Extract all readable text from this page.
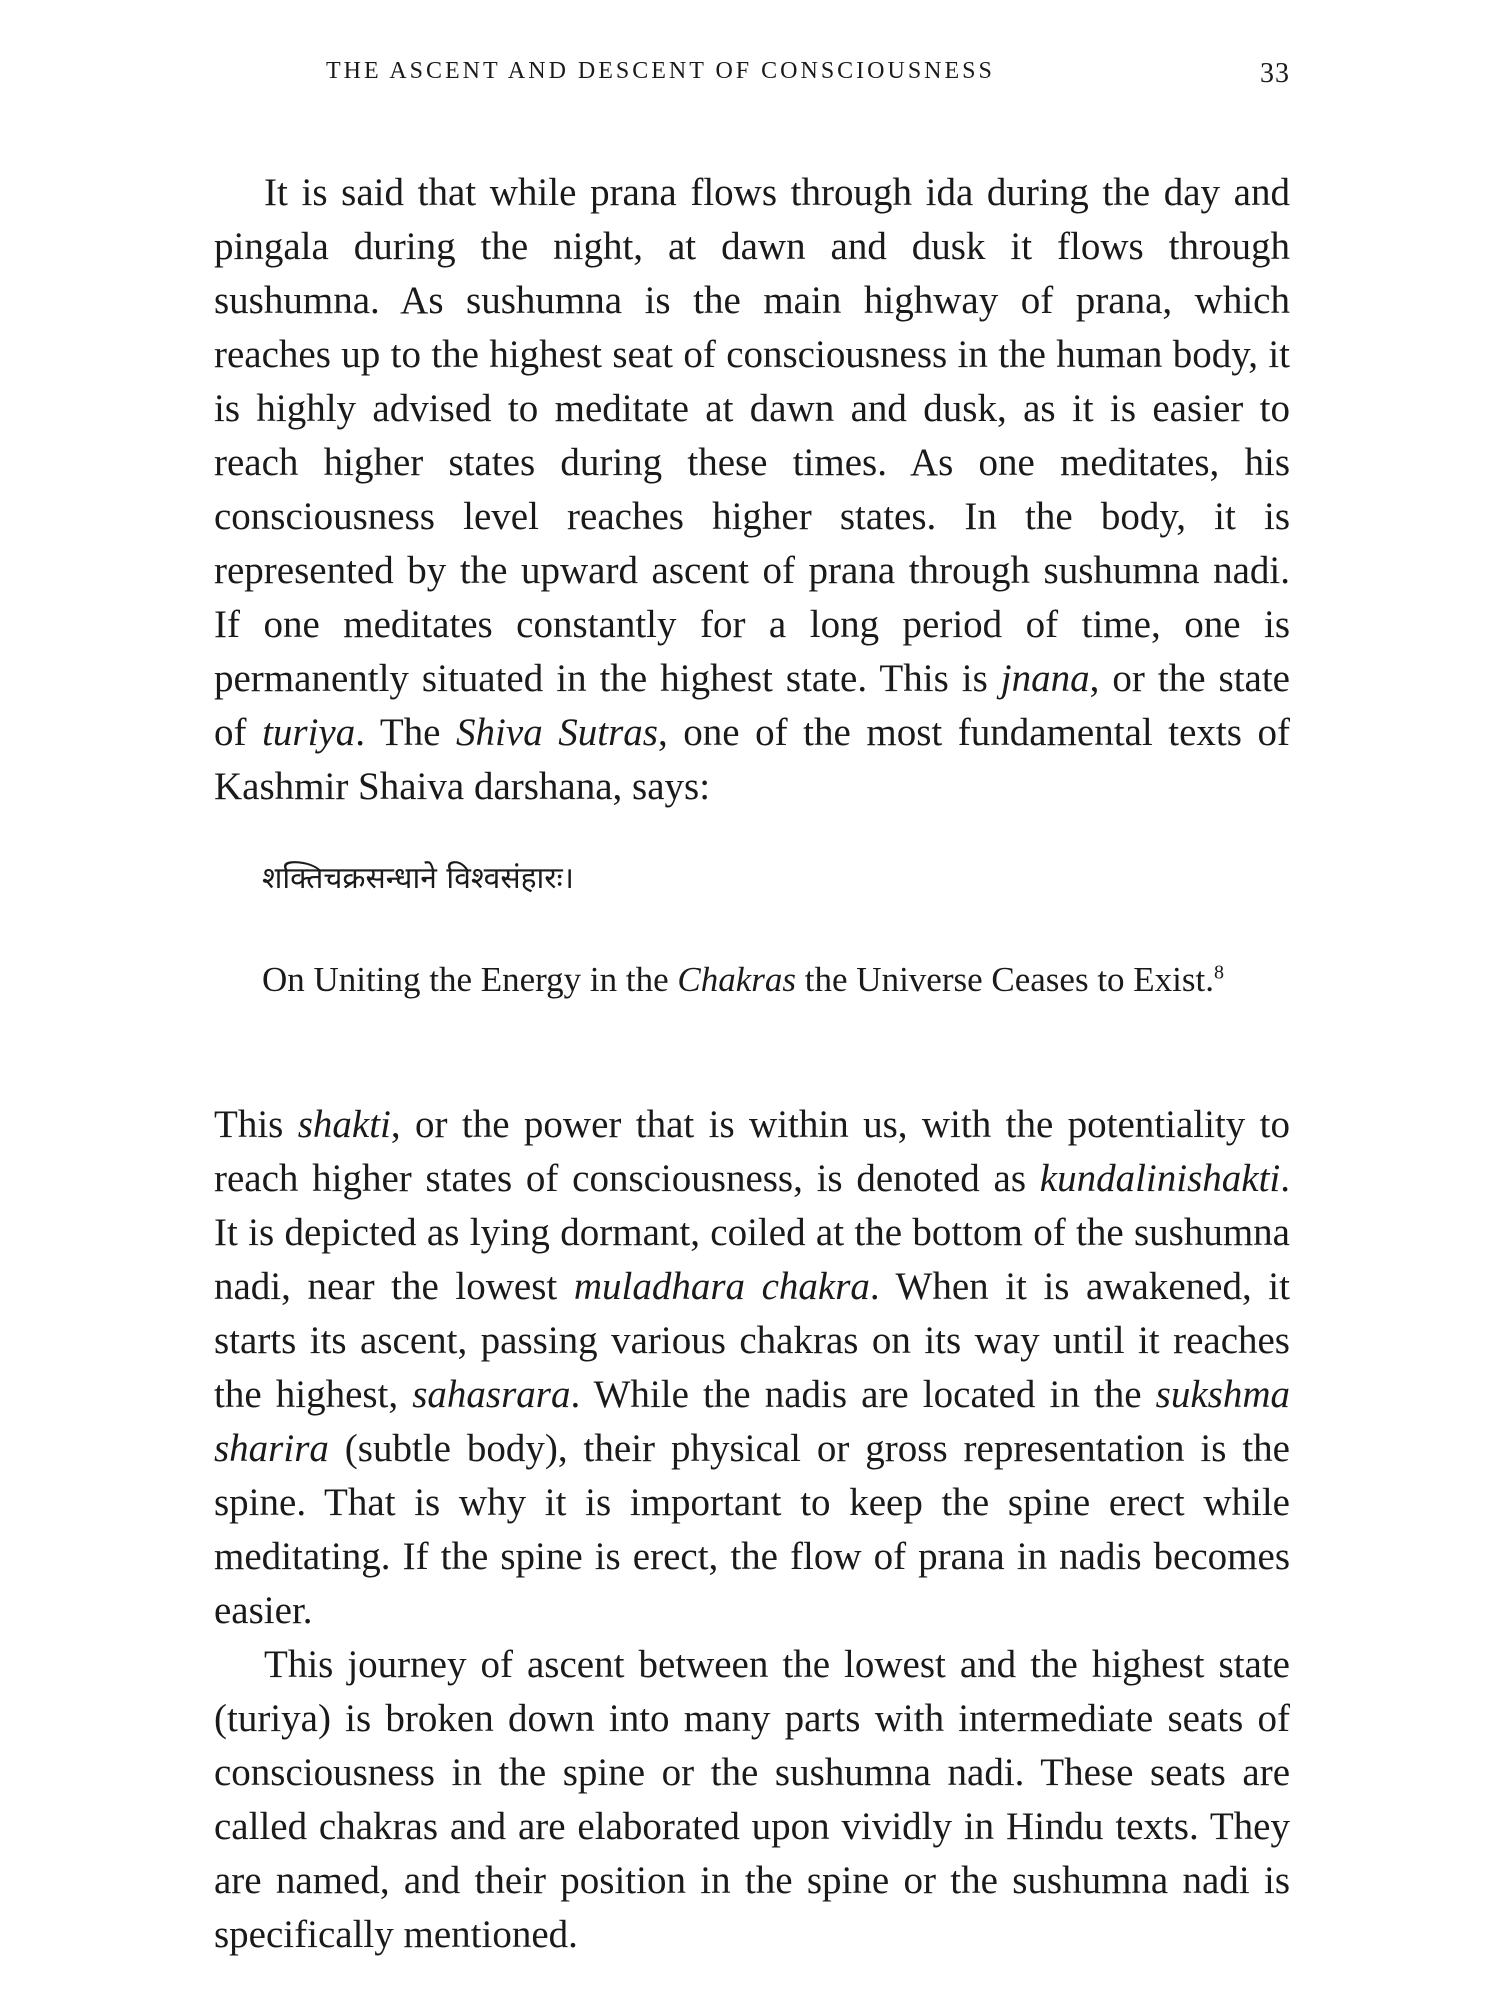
THE ASCENT AND DESCENT OF CONSCIOUSNESS	33

It is said that while prana flows through ida during the day and pingala during the night, at dawn and dusk it flows through sushumna. As sushumna is the main highway of prana, which reaches up to the highest seat of consciousness in the human body, it is highly advised to meditate at dawn and dusk, as it is easier to reach higher states during these times. As one meditates, his consciousness level reaches higher states. In the body, it is represented by the upward ascent of prana through sushumna nadi. If one meditates constantly for a long period of time, one is permanently situated in the highest state. This is jnana, or the state of turiya. The Shiva Sutras, one of the most fundamental texts of Kashmir Shaiva darshana, says:

शक्तिचक्रसन्धाने विश्वसंहारः।
On Uniting the Energy in the Chakras the Universe Ceases to Exist.$^8$

This shakti, or the power that is within us, with the potentiality to reach higher states of consciousness, is denoted as kundalinishakti. It is depicted as lying dormant, coiled at the bottom of the sushumna nadi, near the lowest muladhara chakra. When it is awakened, it starts its ascent, passing various chakras on its way until it reaches the highest, sahasrara. While the nadis are located in the sukshma sharira (subtle body), their physical or gross representation is the spine. That is why it is important to keep the spine erect while meditating. If the spine is erect, the flow of prana in nadis becomes easier.

This journey of ascent between the lowest and the highest state (turiya) is broken down into many parts with intermediate seats of consciousness in the spine or the sushumna nadi. These seats are called chakras and are elaborated upon vividly in Hindu texts. They are named, and their position in the spine or the sushumna nadi is specifically mentioned.
